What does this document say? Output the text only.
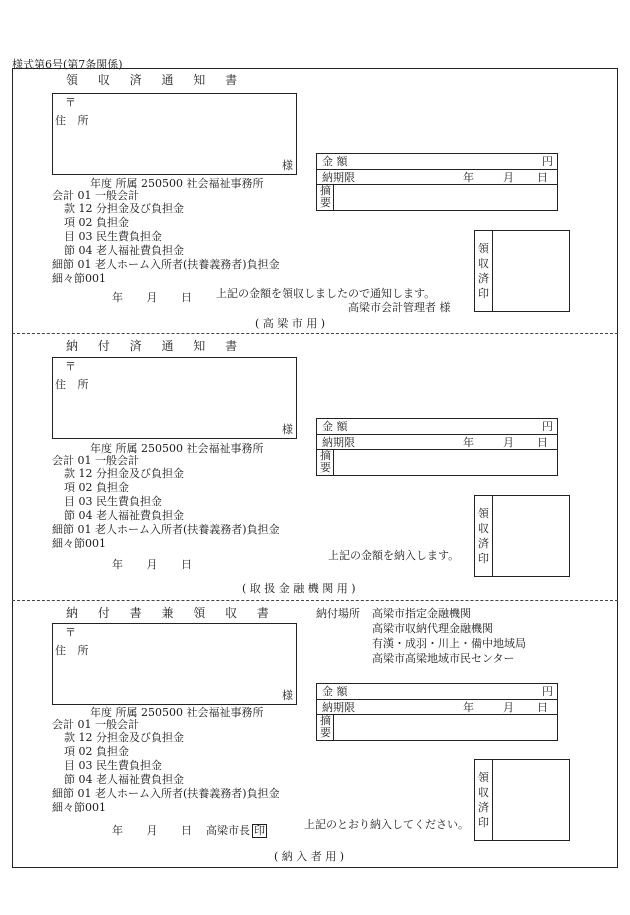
様式第6号(第7条関係)
領 収 済 通 知 書
〒
住 所
様	金 額	円
納期限	年	月 日
摘要
年度 所属 250500 社会福祉事務所
会計 01 一般会計
款 12 分担金及び負担金
項 02 負担金
目 03 民生費負担金
節 04 老人福祉費負担金
細節 01 老人ホーム入所者(扶養義務者)負担金
細々節001
領収済印
年 月 日 上記の金額を領収しましたので通知します。
高梁市会計管理者 様
( 高 梁 市 用 )
納 付 済 通 知 書
〒
住 所
様	金 額	円
納期限	年	月 日
摘要
年度 所属 250500 社会福祉事務所
会計 01 一般会計
款 12 分担金及び負担金
項 02 負担金
目 03 民生費負担金
節 04 老人福祉費負担金
細節 01 老人ホーム入所者(扶養義務者)負担金
細々節001
領収済印
年 月 日
上記の金額を納入します。
( 取 扱 金 融 機 関 用 )
納 付 書 兼 領 収 書	納付場所 高梁市指定金融機関
高梁市収納代理金融機関
有漢・成羽・川上・備中地域局
高梁市高梁地域市民センター
〒
住 所
様	金 額	円
納期限	年	月 日
摘要
年度 所属 250500 社会福祉事務所
会計 01 一般会計
款 12 分担金及び負担金
項 02 負担金
目 03 民生費負担金
節 04 老人福祉費負担金
細節 01 老人ホーム入所者(扶養義務者)負担金
細々節001
領収済印
年 月 日 高梁市長 印	上記のとおり納入してください。
( 納 入 者 用 )
